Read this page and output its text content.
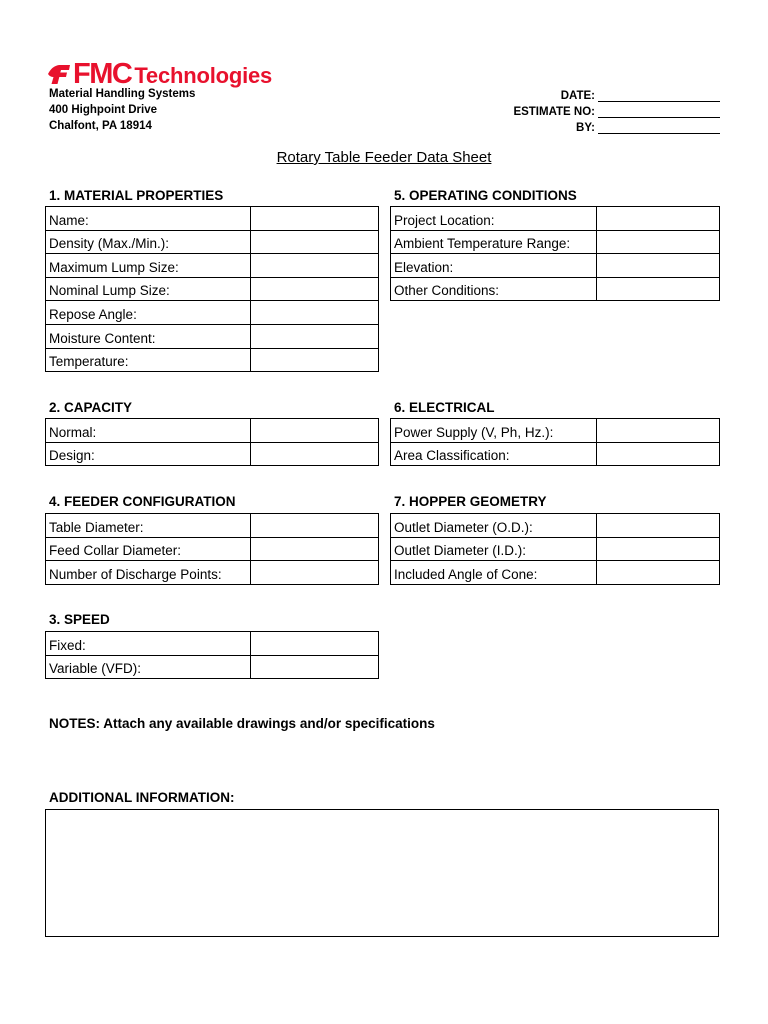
FMC Technologies
Material Handling Systems
400 Highpoint Drive
Chalfont, PA 18914
DATE:
ESTIMATE NO:
BY:
Rotary Table Feeder Data Sheet
1. MATERIAL PROPERTIES
Name:	
Density (Max./Min.):	
Maximum Lump Size:	
Nominal Lump Size:	
Repose Angle:	
Moisture Content:	
Temperature:	
5. OPERATING CONDITIONS
Project Location:	
Ambient Temperature Range:	
Elevation:	
Other Conditions:	
2. CAPACITY
Normal:	
Design:	
6. ELECTRICAL
Power Supply (V, Ph, Hz.):	
Area Classification:	
4. FEEDER CONFIGURATION
Table Diameter:	
Feed Collar Diameter:	
Number of Discharge Points:	
7. HOPPER GEOMETRY
Outlet Diameter (O.D.):	
Outlet Diameter (I.D.):	
Included Angle of Cone:	
3. SPEED
Fixed:	
Variable (VFD):	
NOTES: Attach any available drawings and/or specifications
ADDITIONAL INFORMATION:
